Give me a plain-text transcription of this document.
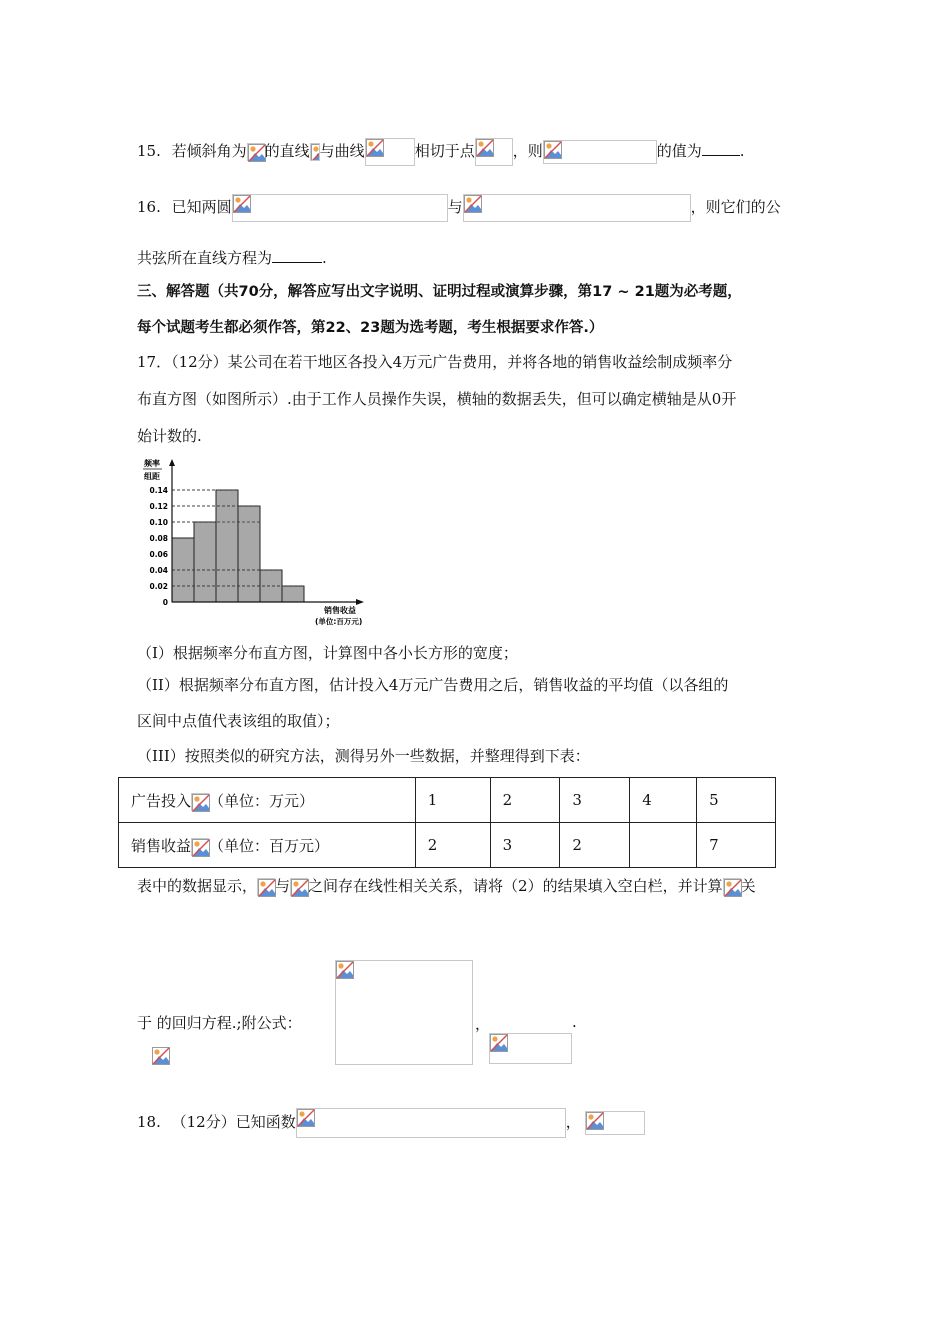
15. 若倾斜角为 的直线 与曲线	相切于点	，则	的值为	.
16. 已知两圆	与	，则它们的公
共弦所在直线方程为	.
三、解答题（共70分，解答应写出文字说明、证明过程或演算步骤，第17 ~ 21题为必考题，
每个试题考生都必须作答，第22、23题为选考题，考生根据要求作答.）
17．（12分）某公司在若干地区各投入4万元广告费用，并将各地的销售收益绘制成频率分
布直方图（如图所示）.由于工作人员操作失误，横轴的数据丢失，但可以确定横轴是从0开
始计数的.
0
0.02
0.04
0.06
0.08
0.10
0.12
0.14
频率
组距
销售收益
(单位:百万元)
（I）根据频率分布直方图，计算图中各小长方形的宽度；
（II）根据频率分布直方图，估计投入4万元广告费用之后，销售收益的平均值（以各组的
区间中点值代表该组的取值）；
（III）按照类似的研究方法，测得另外一些数据，并整理得到下表：
广告投入 （单位：万元）	1	2	3	4	5
销售收益 （单位：百万元）	2	3	2		7
表中的数据显示， 与 之间存在线性相关关系，请将（2）的结果填入空白栏，并计算 关
于 的回归方程.;附公式：	，	.
18. （12分）已知函数	，
